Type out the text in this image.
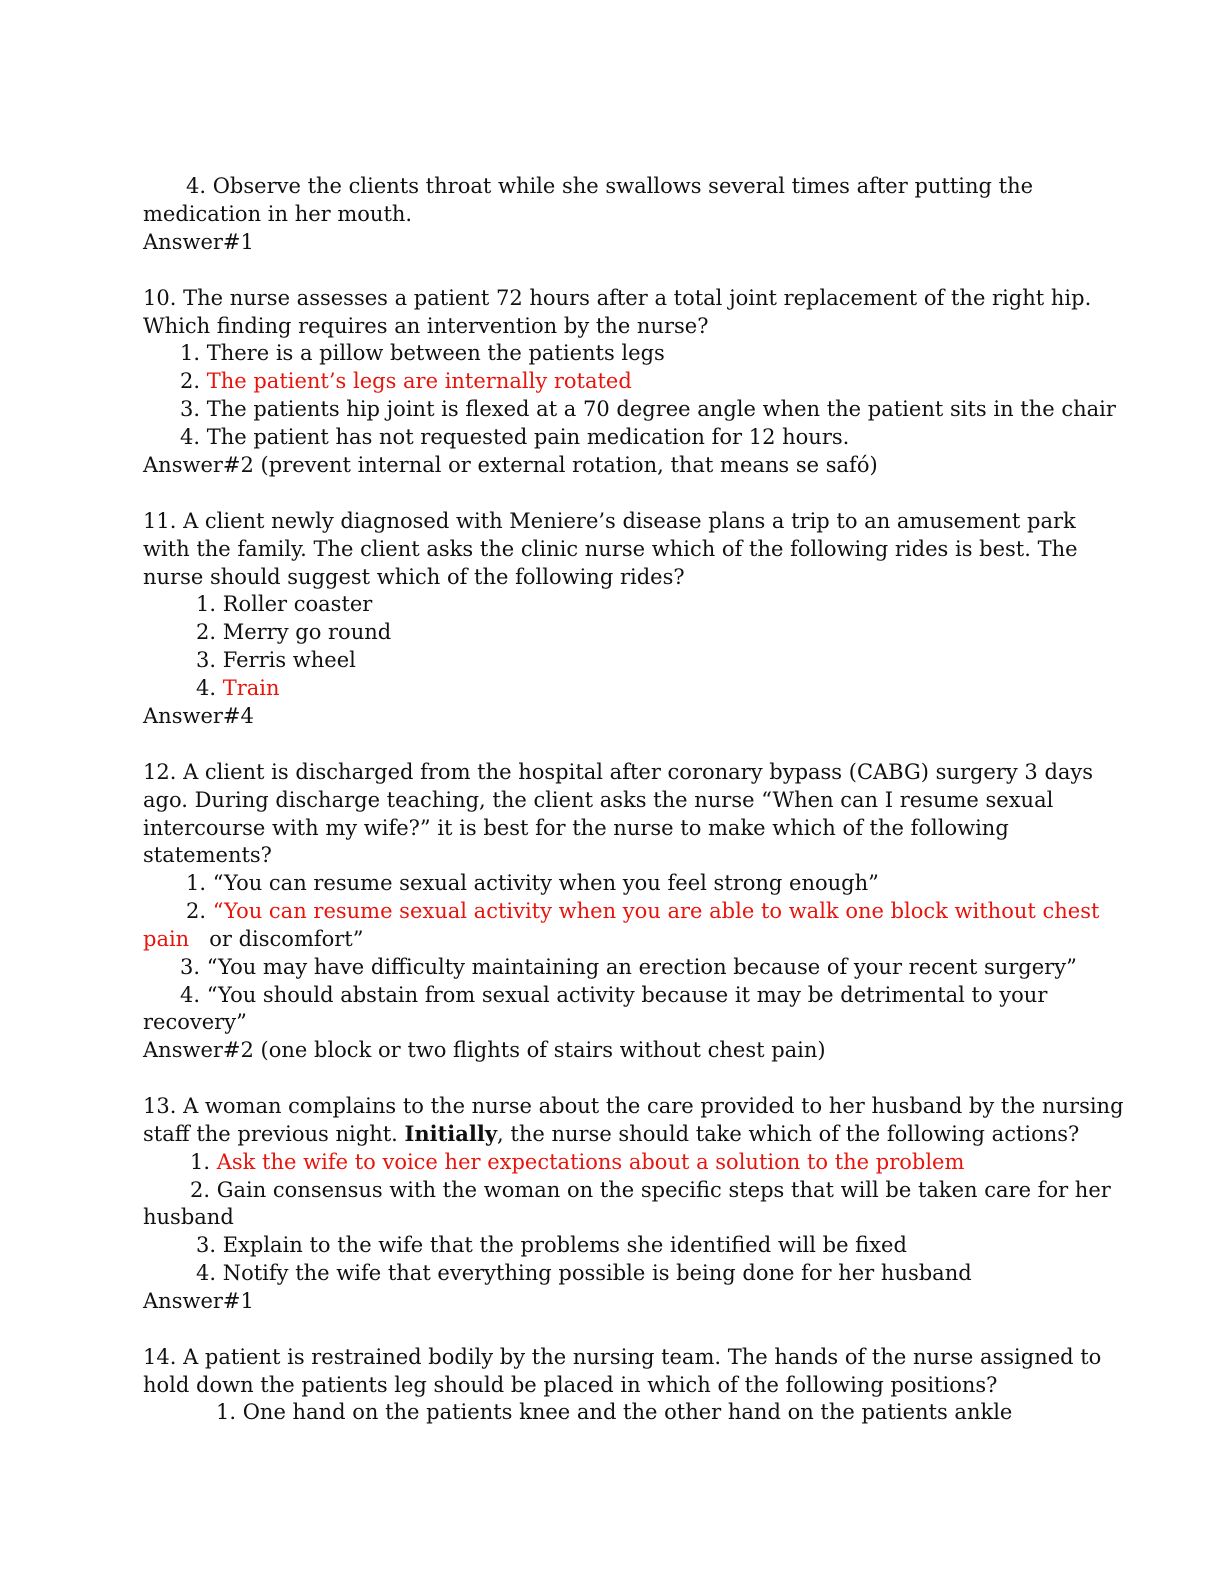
4. Observe the clients throat while she swallows several times after putting the
medication in her mouth.
Answer#1
10. The nurse assesses a patient 72 hours after a total joint replacement of the right hip.
Which finding requires an intervention by the nurse?
1. There is a pillow between the patients legs
2. The patient’s legs are internally rotated
3. The patients hip joint is flexed at a 70 degree angle when the patient sits in the chair
4. The patient has not requested pain medication for 12 hours.
Answer#2 (prevent internal or external rotation, that means se safó)
11. A client newly diagnosed with Meniere’s disease plans a trip to an amusement park
with the family. The client asks the clinic nurse which of the following rides is best. The
nurse should suggest which of the following rides?
1. Roller coaster
2. Merry go round
3. Ferris wheel
4. Train
Answer#4
12. A client is discharged from the hospital after coronary bypass (CABG) surgery 3 days
ago. During discharge teaching, the client asks the nurse “When can I resume sexual
intercourse with my wife?” it is best for the nurse to make which of the following
statements?
1. “You can resume sexual activity when you feel strong enough”
2. “You can resume sexual activity when you are able to walk one block without chest
pain   or discomfort”
3. “You may have difficulty maintaining an erection because of your recent surgery”
4. “You should abstain from sexual activity because it may be detrimental to your
recovery”
Answer#2 (one block or two flights of stairs without chest pain)
13. A woman complains to the nurse about the care provided to her husband by the nursing
staff the previous night. Initially, the nurse should take which of the following actions?
1. Ask the wife to voice her expectations about a solution to the problem
2. Gain consensus with the woman on the specific steps that will be taken care for her
husband
3. Explain to the wife that the problems she identified will be fixed
4. Notify the wife that everything possible is being done for her husband
Answer#1
14. A patient is restrained bodily by the nursing team. The hands of the nurse assigned to
hold down the patients leg should be placed in which of the following positions?
1. One hand on the patients knee and the other hand on the patients ankle
